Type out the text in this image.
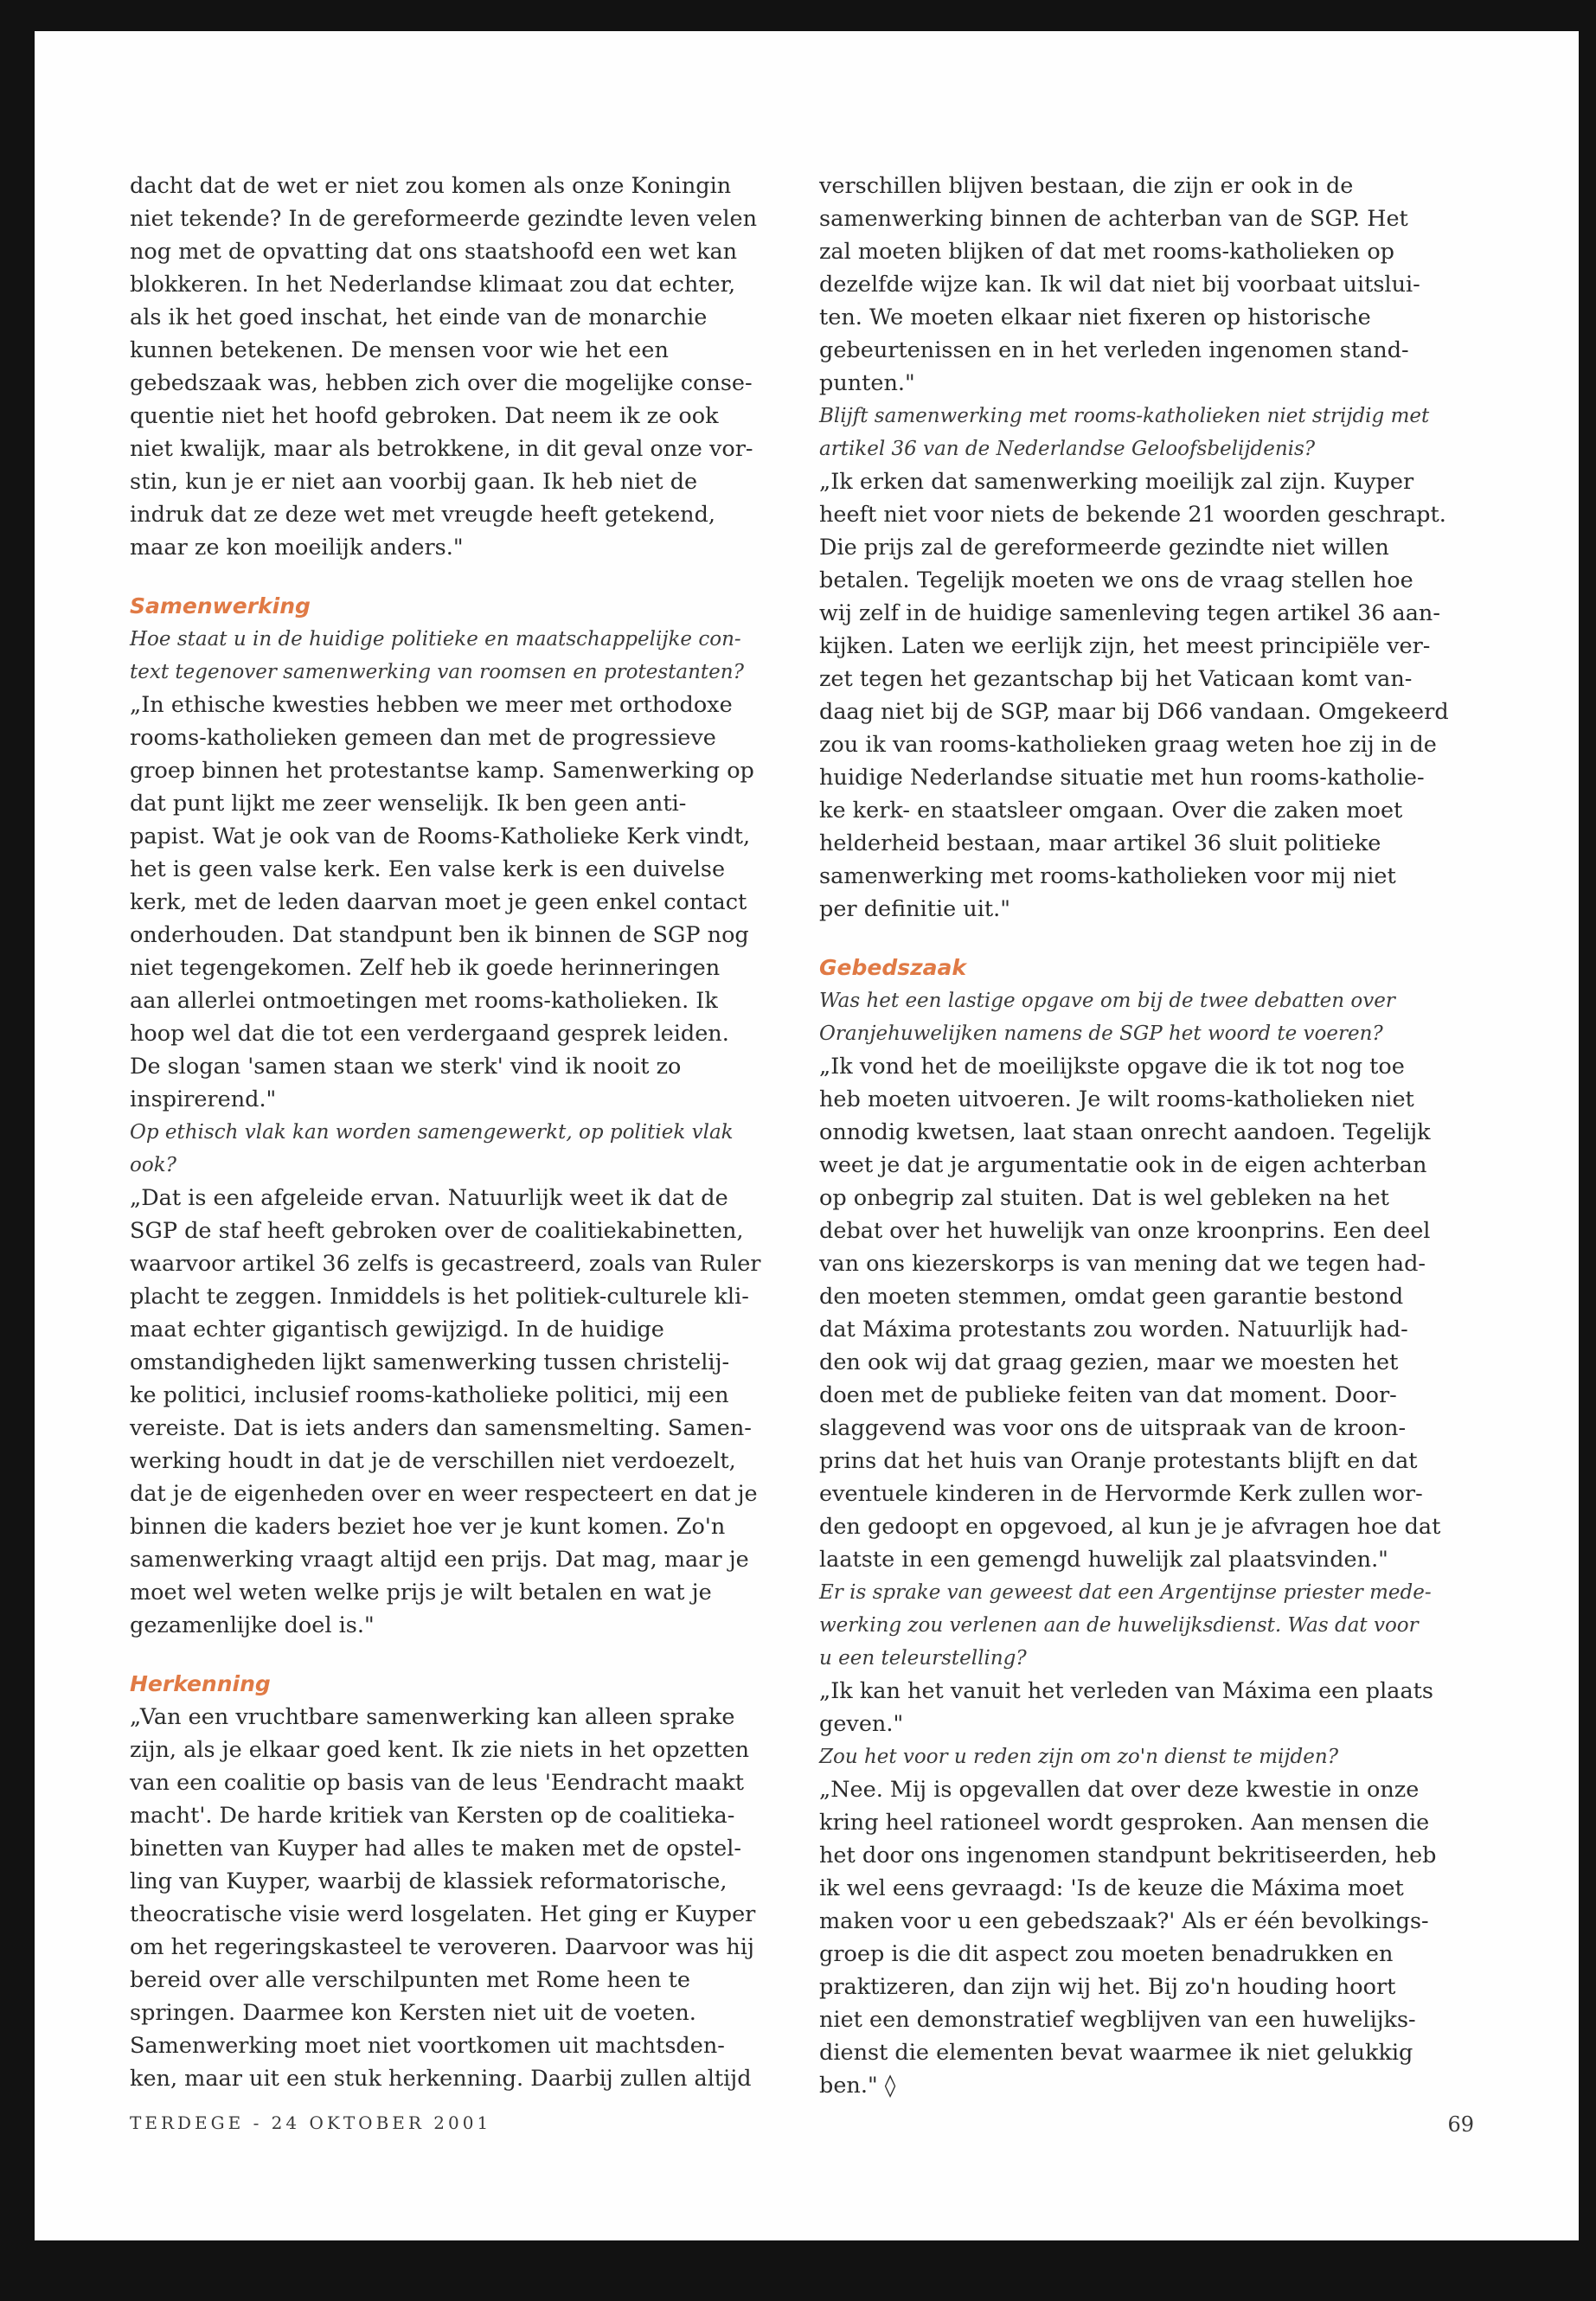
dacht dat de wet er niet zou komen als onze Koningin
niet tekende? In de gereformeerde gezindte leven velen
nog met de opvatting dat ons staatshoofd een wet kan
blokkeren. In het Nederlandse klimaat zou dat echter,
als ik het goed inschat, het einde van de monarchie
kunnen betekenen. De mensen voor wie het een
gebedszaak was, hebben zich over die mogelijke conse-
quentie niet het hoofd gebroken. Dat neem ik ze ook
niet kwalijk, maar als betrokkene, in dit geval onze vor-
stin, kun je er niet aan voorbij gaan. Ik heb niet de
indruk dat ze deze wet met vreugde heeft getekend,
maar ze kon moeilijk anders."

Samenwerking

Hoe staat u in de huidige politieke en maatschappelijke con-
text tegenover samenwerking van roomsen en protestanten?

„In ethische kwesties hebben we meer met orthodoxe
rooms-katholieken gemeen dan met de progressieve
groep binnen het protestantse kamp. Samenwerking op
dat punt lijkt me zeer wenselijk. Ik ben geen anti-
papist. Wat je ook van de Rooms-Katholieke Kerk vindt,
het is geen valse kerk. Een valse kerk is een duivelse
kerk, met de leden daarvan moet je geen enkel contact
onderhouden. Dat standpunt ben ik binnen de SGP nog
niet tegengekomen. Zelf heb ik goede herinneringen
aan allerlei ontmoetingen met rooms-katholieken. Ik
hoop wel dat die tot een verdergaand gesprek leiden.
De slogan 'samen staan we sterk' vind ik nooit zo
inspirerend."

Op ethisch vlak kan worden samengewerkt, op politiek vlak
ook?

„Dat is een afgeleide ervan. Natuurlijk weet ik dat de
SGP de staf heeft gebroken over de coalitiekabinetten,
waarvoor artikel 36 zelfs is gecastreerd, zoals van Ruler
placht te zeggen. Inmiddels is het politiek-culturele kli-
maat echter gigantisch gewijzigd. In de huidige
omstandigheden lijkt samenwerking tussen christelij-
ke politici, inclusief rooms-katholieke politici, mij een
vereiste. Dat is iets anders dan samensmelting. Samen-
werking houdt in dat je de verschillen niet verdoezelt,
dat je de eigenheden over en weer respecteert en dat je
binnen die kaders beziet hoe ver je kunt komen. Zo'n
samenwerking vraagt altijd een prijs. Dat mag, maar je
moet wel weten welke prijs je wilt betalen en wat je
gezamenlijke doel is."

Herkenning

„Van een vruchtbare samenwerking kan alleen sprake
zijn, als je elkaar goed kent. Ik zie niets in het opzetten
van een coalitie op basis van de leus 'Eendracht maakt
macht'. De harde kritiek van Kersten op de coalitieka-
binetten van Kuyper had alles te maken met de opstel-
ling van Kuyper, waarbij de klassiek reformatorische,
theocratische visie werd losgelaten. Het ging er Kuyper
om het regeringskasteel te veroveren. Daarvoor was hij
bereid over alle verschilpunten met Rome heen te
springen. Daarmee kon Kersten niet uit de voeten.
Samenwerking moet niet voortkomen uit machtsden-
ken, maar uit een stuk herkenning. Daarbij zullen altijd

verschillen blijven bestaan, die zijn er ook in de
samenwerking binnen de achterban van de SGP. Het
zal moeten blijken of dat met rooms-katholieken op
dezelfde wijze kan. Ik wil dat niet bij voorbaat uitslui-
ten. We moeten elkaar niet fixeren op historische
gebeurtenissen en in het verleden ingenomen stand-
punten."

Blijft samenwerking met rooms-katholieken niet strijdig met
artikel 36 van de Nederlandse Geloofsbelijdenis?

„Ik erken dat samenwerking moeilijk zal zijn. Kuyper
heeft niet voor niets de bekende 21 woorden geschrapt.
Die prijs zal de gereformeerde gezindte niet willen
betalen. Tegelijk moeten we ons de vraag stellen hoe
wij zelf in de huidige samenleving tegen artikel 36 aan-
kijken. Laten we eerlijk zijn, het meest principiële ver-
zet tegen het gezantschap bij het Vaticaan komt van-
daag niet bij de SGP, maar bij D66 vandaan. Omgekeerd
zou ik van rooms-katholieken graag weten hoe zij in de
huidige Nederlandse situatie met hun rooms-katholie-
ke kerk- en staatsleer omgaan. Over die zaken moet
helderheid bestaan, maar artikel 36 sluit politieke
samenwerking met rooms-katholieken voor mij niet
per definitie uit."

Gebedszaak

Was het een lastige opgave om bij de twee debatten over
Oranjehuwelijken namens de SGP het woord te voeren?

„Ik vond het de moeilijkste opgave die ik tot nog toe
heb moeten uitvoeren. Je wilt rooms-katholieken niet
onnodig kwetsen, laat staan onrecht aandoen. Tegelijk
weet je dat je argumentatie ook in de eigen achterban
op onbegrip zal stuiten. Dat is wel gebleken na het
debat over het huwelijk van onze kroonprins. Een deel
van ons kiezerskorps is van mening dat we tegen had-
den moeten stemmen, omdat geen garantie bestond
dat Máxima protestants zou worden. Natuurlijk had-
den ook wij dat graag gezien, maar we moesten het
doen met de publieke feiten van dat moment. Door-
slaggevend was voor ons de uitspraak van de kroon-
prins dat het huis van Oranje protestants blijft en dat
eventuele kinderen in de Hervormde Kerk zullen wor-
den gedoopt en opgevoed, al kun je je afvragen hoe dat
laatste in een gemengd huwelijk zal plaatsvinden."

Er is sprake van geweest dat een Argentijnse priester mede-
werking zou verlenen aan de huwelijksdienst. Was dat voor
u een teleurstelling?

„Ik kan het vanuit het verleden van Máxima een plaats
geven."

Zou het voor u reden zijn om zo'n dienst te mijden?

„Nee. Mij is opgevallen dat over deze kwestie in onze
kring heel rationeel wordt gesproken. Aan mensen die
het door ons ingenomen standpunt bekritiseerden, heb
ik wel eens gevraagd: 'Is de keuze die Máxima moet
maken voor u een gebedszaak?' Als er één bevolkings-
groep is die dit aspect zou moeten benadrukken en
praktizeren, dan zijn wij het. Bij zo'n houding hoort
niet een demonstratief wegblijven van een huwelijks-
dienst die elementen bevat waarmee ik niet gelukkig
ben." ◊

TERDEGE - 24 OKTOBER 2001	69
